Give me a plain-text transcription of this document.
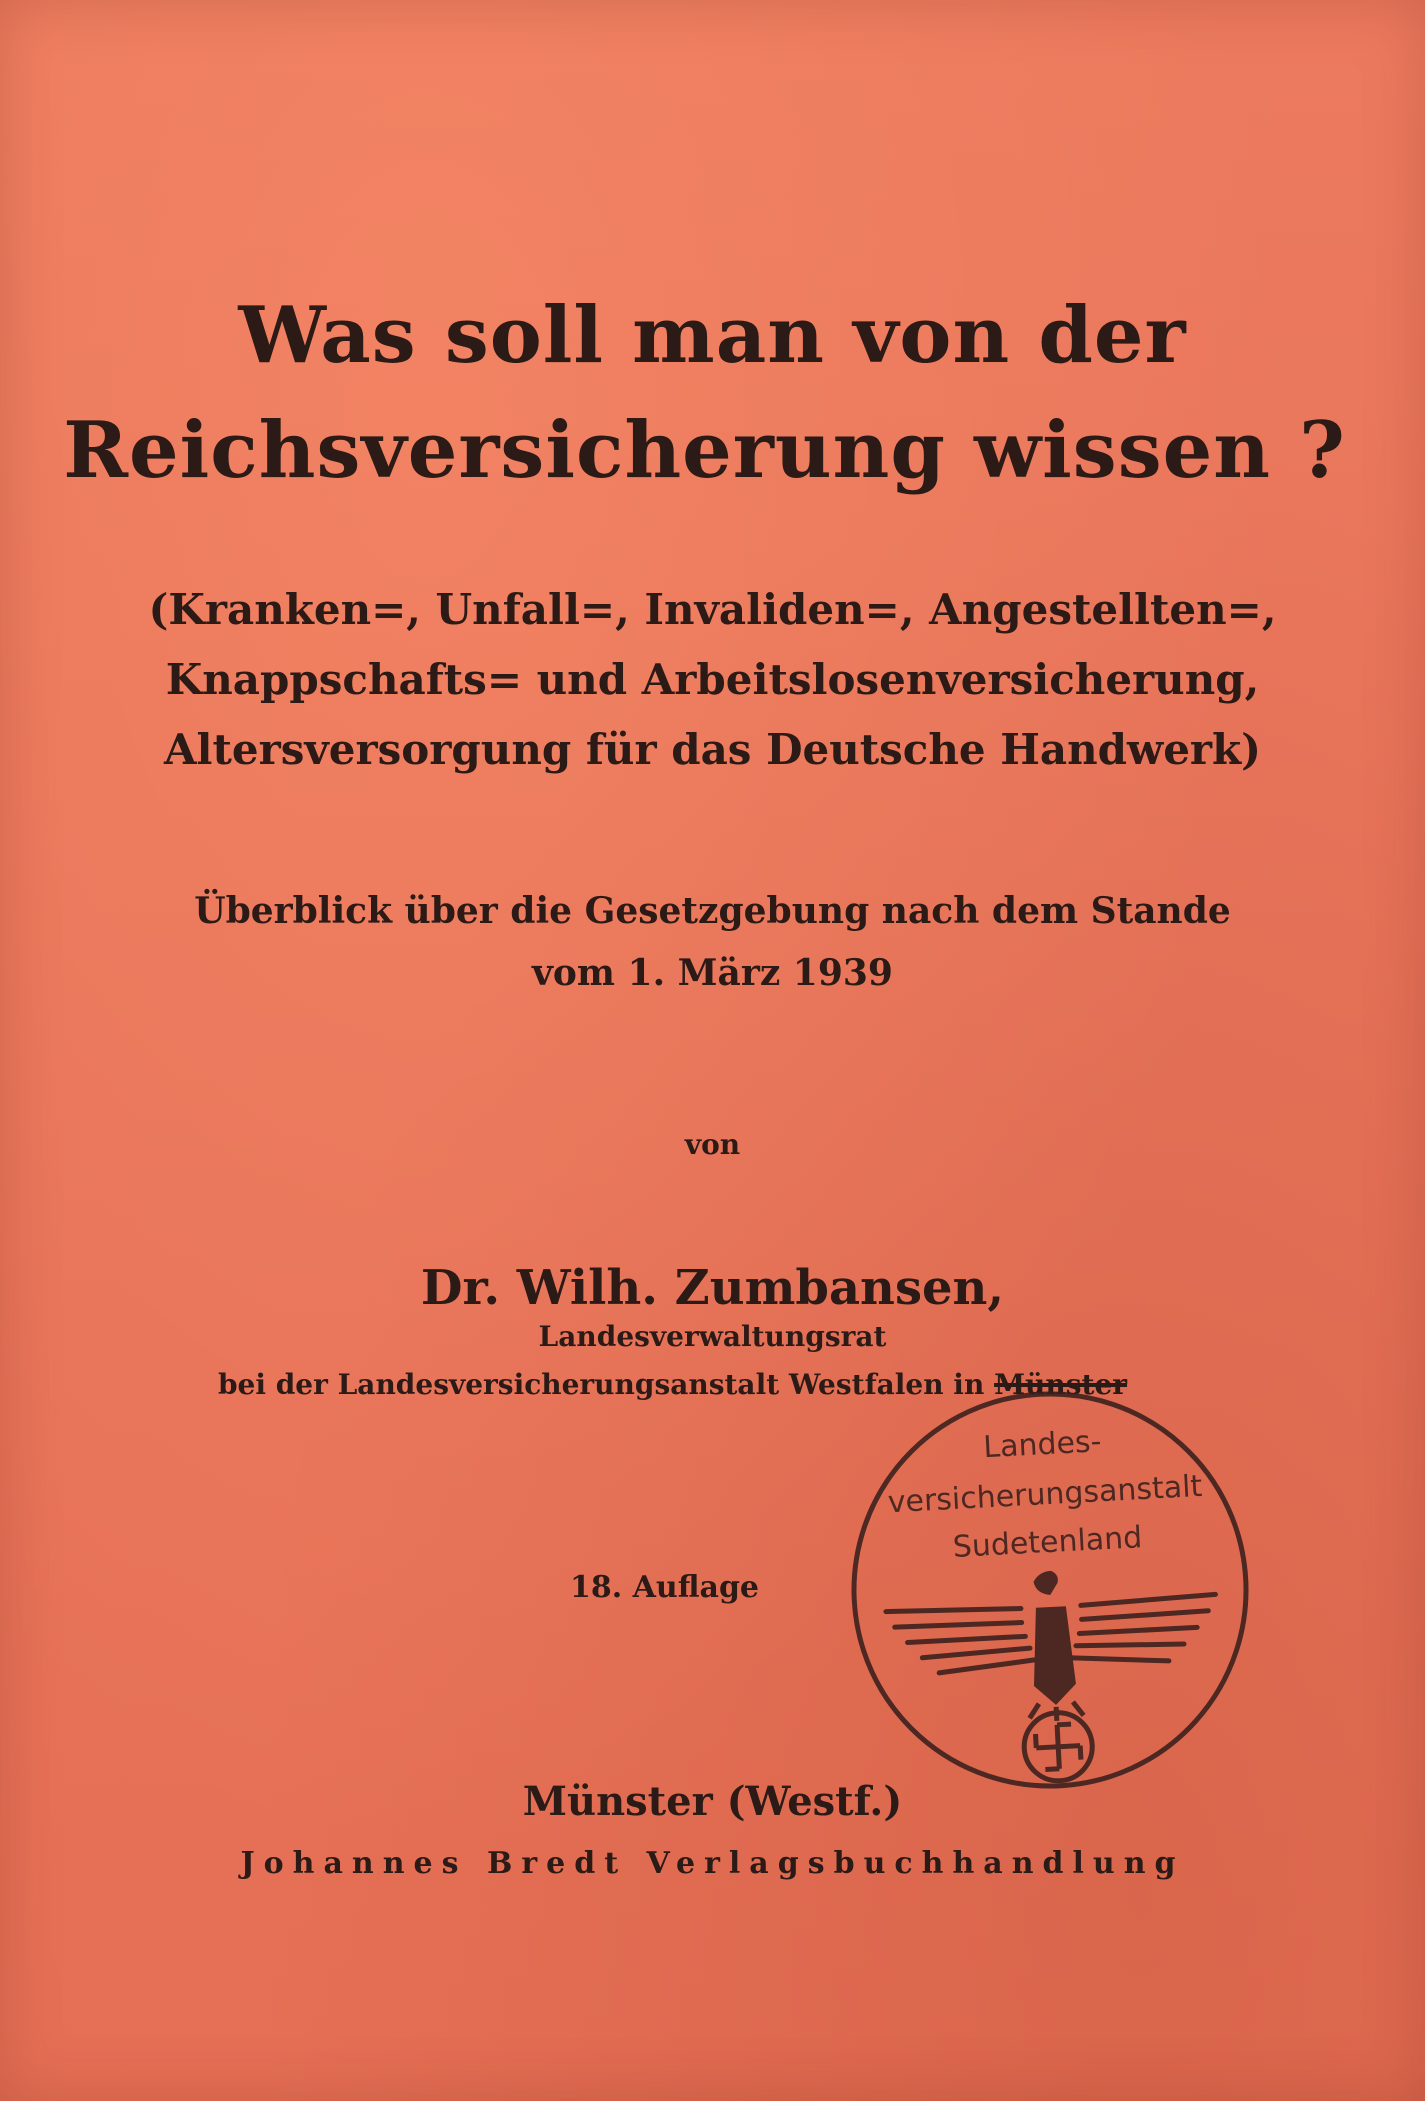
Was soll man von der
Reichsversicherung wissen ?
(Kranken=, Unfall=, Invaliden=, Angestellten=,
Knappschafts= und Arbeitslosenversicherung,
Altersversorgung für das Deutsche Handwerk)
Überblick über die Gesetzgebung nach dem Stande
vom 1. März 1939
von
Dr. Wilh. Zumbansen,
Landesverwaltungsrat
bei der Landesversicherungsanstalt Westfalen in Münster
18. Auflage
Münster (Westf.)
Johannes Bredt Verlagsbuchhandlung
Landes-
versicherungsanstalt
Sudetenland
